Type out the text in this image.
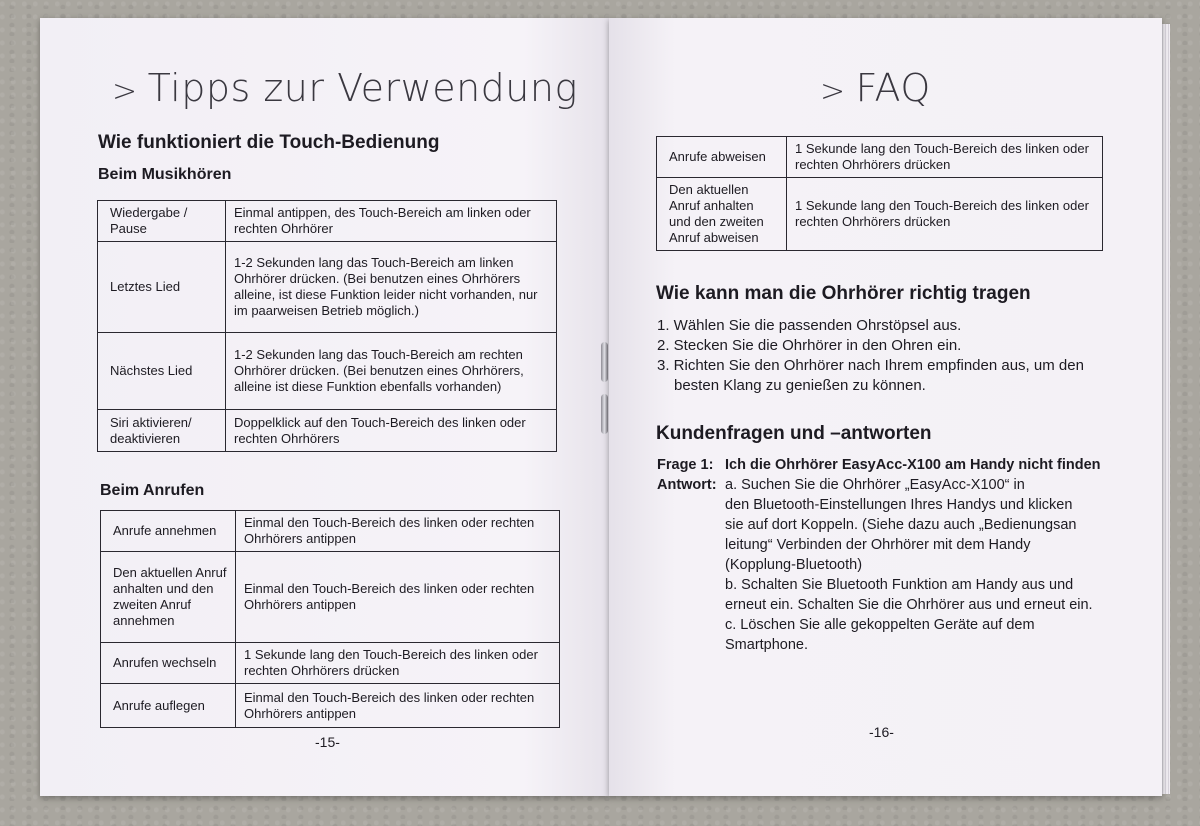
> Tipps zur Verwendung
Wie funktioniert die Touch-Bedienung
Beim Musikhören
Wiedergabe / Pause	Einmal antippen, des Touch-Bereich am linken oder rechten Ohrhörer
Letztes Lied	1-2 Sekunden lang das Touch-Bereich am linken Ohrhörer drücken. (Bei benutzen eines Ohrhörers alleine, ist diese Funktion leider nicht vorhanden, nur im paarweisen Betrieb möglich.)
Nächstes Lied	1-2 Sekunden lang das Touch-Bereich am rechten Ohrhörer drücken. (Bei benutzen eines Ohrhörers, alleine ist diese Funktion ebenfalls vorhanden)
Siri aktivieren/ deaktivieren	Doppelklick auf den Touch-Bereich des linken oder rechten Ohrhörers
Beim Anrufen
Anrufe annehmen	Einmal den Touch-Bereich des linken oder rechten Ohrhörers antippen
Den aktuellen Anruf anhalten und den zweiten Anruf annehmen	Einmal den Touch-Bereich des linken oder rechten Ohrhörers antippen
Anrufen wechseln	1 Sekunde lang den Touch-Bereich des linken oder rechten Ohrhörers drücken
Anrufe auflegen	Einmal den Touch-Bereich des linken oder rechten Ohrhörers antippen
-15-
> FAQ
Anrufe abweisen	1 Sekunde lang den Touch-Bereich des linken oder rechten Ohrhörers drücken
Den aktuellen Anruf anhalten und den zweiten Anruf abweisen	1 Sekunde lang den Touch-Bereich des linken oder rechten Ohrhörers drücken
Wie kann man die Ohrhörer richtig tragen
1. Wählen Sie die passenden Ohrstöpsel aus.
2. Stecken Sie die Ohrhörer in den Ohren ein.
3. Richten Sie den Ohrhörer nach Ihrem empfinden aus, um den
besten Klang zu genießen zu können.
Kundenfragen und –antworten
Frage 1: Ich die Ohrhörer EasyAcc-X100 am Handy nicht finden
Antwort: a. Suchen Sie die Ohrhörer „EasyAcc-X100“ in
den Bluetooth-Einstellungen Ihres Handys und klicken
sie auf dort Koppeln. (Siehe dazu auch „Bedienungsan
leitung“ Verbinden der Ohrhörer mit dem Handy
(Kopplung-Bluetooth)
b. Schalten Sie Bluetooth Funktion am Handy aus und
erneut ein. Schalten Sie die Ohrhörer aus und erneut ein.
c. Löschen Sie alle gekoppelten Geräte auf dem
Smartphone.
-16-
